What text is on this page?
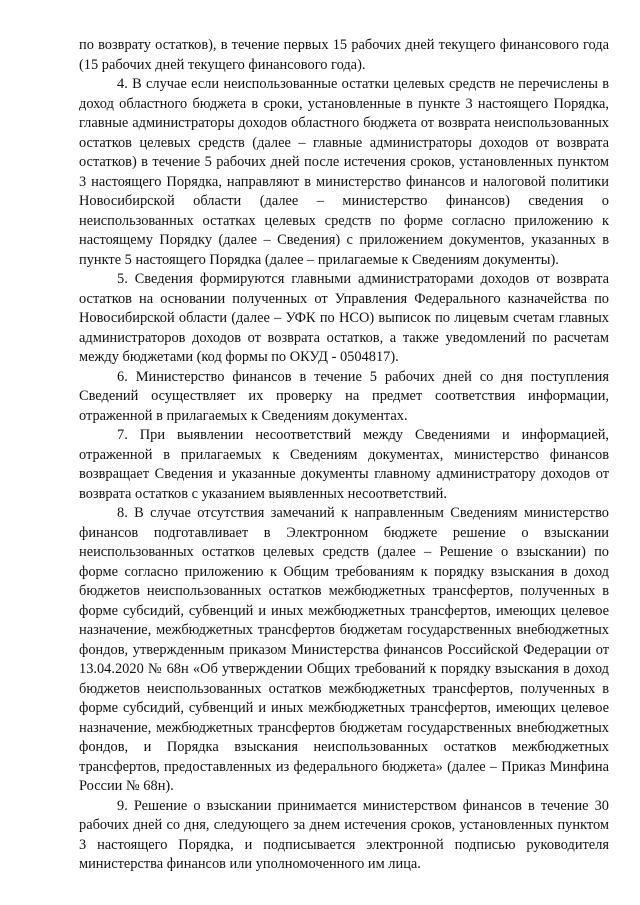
по возврату остатков), в течение первых 15 рабочих дней текущего финансового года (15 рабочих дней текущего финансового года).

4. В случае если неиспользованные остатки целевых средств не перечислены в доход областного бюджета в сроки, установленные в пункте 3 настоящего Порядка, главные администраторы доходов областного бюджета от возврата неиспользованных остатков целевых средств (далее – главные администраторы доходов от возврата остатков) в течение 5 рабочих дней после истечения сроков, установленных пунктом 3 настоящего Порядка, направляют в министерство финансов и налоговой политики Новосибирской области (далее – министерство финансов) сведения о неиспользованных остатках целевых средств по форме согласно приложению к настоящему Порядку (далее – Сведения) с приложением документов, указанных в пункте 5 настоящего Порядка (далее – прилагаемые к Сведениям документы).

5. Сведения формируются главными администраторами доходов от возврата остатков на основании полученных от Управления Федерального казначейства по Новосибирской области (далее – УФК по НСО) выписок по лицевым счетам главных администраторов доходов от возврата остатков, а также уведомлений по расчетам между бюджетами (код формы по ОКУД - 0504817).

6. Министерство финансов в течение 5 рабочих дней со дня поступления Сведений осуществляет их проверку на предмет соответствия информации, отраженной в прилагаемых к Сведениям документах.

7. При выявлении несоответствий между Сведениями и информацией, отраженной в прилагаемых к Сведениям документах, министерство финансов возвращает Сведения и указанные документы главному администратору доходов от возврата остатков с указанием выявленных несоответствий.

8. В случае отсутствия замечаний к направленным Сведениям министерство финансов подготавливает в Электронном бюджете решение о взыскании неиспользованных остатков целевых средств (далее – Решение о взыскании) по форме согласно приложению к Общим требованиям к порядку взыскания в доход бюджетов неиспользованных остатков межбюджетных трансфертов, полученных в форме субсидий, субвенций и иных межбюджетных трансфертов, имеющих целевое назначение, межбюджетных трансфертов бюджетам государственных внебюджетных фондов, утвержденным приказом Министерства финансов Российской Федерации от 13.04.2020 № 68н «Об утверждении Общих требований к порядку взыскания в доход бюджетов неиспользованных остатков межбюджетных трансфертов, полученных в форме субсидий, субвенций и иных межбюджетных трансфертов, имеющих целевое назначение, межбюджетных трансфертов бюджетам государственных внебюджетных фондов, и Порядка взыскания неиспользованных остатков межбюджетных трансфертов, предоставленных из федерального бюджета» (далее – Приказ Минфина России № 68н).

9. Решение о взыскании принимается министерством финансов в течение 30 рабочих дней со дня, следующего за днем истечения сроков, установленных пунктом 3 настоящего Порядка, и подписывается электронной подписью руководителя министерства финансов или уполномоченного им лица.
